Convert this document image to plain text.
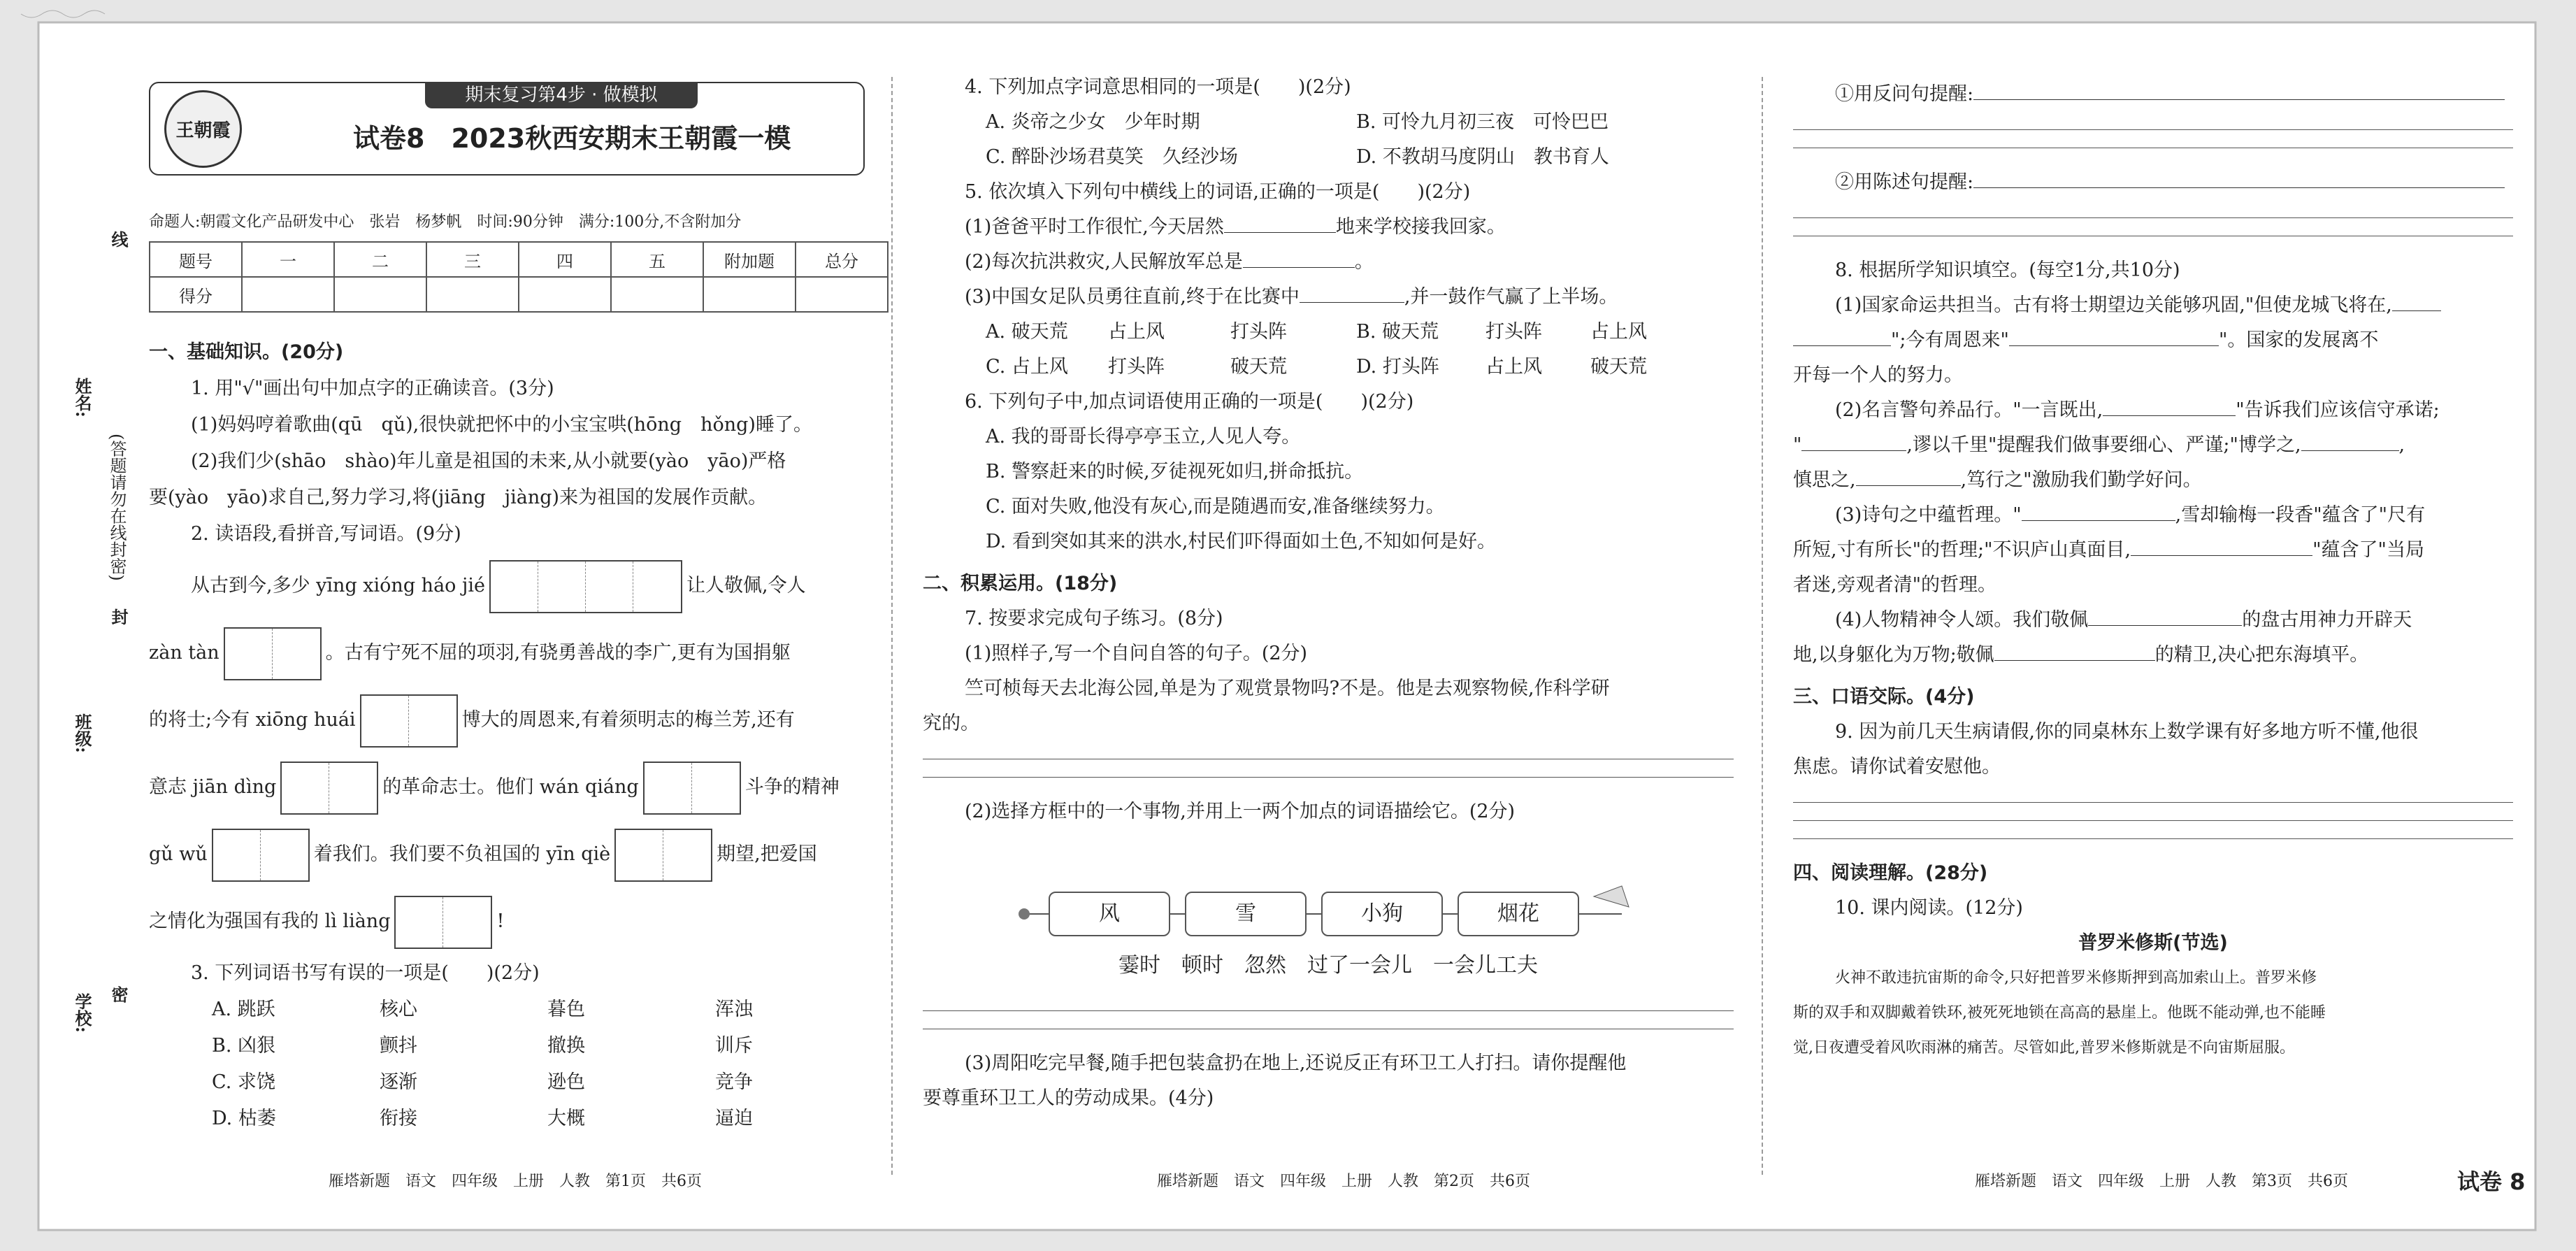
姓名:
班级:
学校:
(答题请勿在线封密)
线
封
密
期末复习第4步 · 做模拟
王朝霞	试卷8　2023秋西安期末王朝霞一模
命题人:朝霞文化产品研发中心　张岩　杨梦帆　时间:90分钟　满分:100分,不含附加分
题号	一	二	三	四	五	附加题	总分
得分							
一、基础知识。(20分)
1. 用"√"画出句中加点字的正确读音。(3分)
(1)妈妈哼着歌曲(qū　qǔ),很快就把怀中的小宝宝哄(hōng　hǒng)睡了。
(2)我们少(shāo　shào)年儿童是祖国的未来,从小就要(yào　yāo)严格
要(yào　yāo)求自己,努力学习,将(jiāng　jiàng)来为祖国的发展作贡献。
2. 读语段,看拼音,写词语。(9分)
从古到今,多少 yīng xióng háo jié	让人敬佩,令人
zàn tàn	。古有宁死不屈的项羽,有骁勇善战的李广,更有为国捐躯
的将士;今有 xiōng huái	博大的周恩来,有着须明志的梅兰芳,还有
意志 jiān dìng	的革命志士。他们 wán qiáng	斗争的精神
gǔ wǔ	着我们。我们要不负祖国的 yīn qiè	期望,把爱国
之情化为强国有我的 lì liàng	!
3. 下列词语书写有误的一项是(　　)(2分)
A. 跳跃	核心	暮色	浑浊
B. 凶狠	颤抖	撤换	训斥
C. 求饶	逐渐	逊色	竞争
D. 枯萎	衔接	大概	逼迫
雁塔新题　语文　四年级　上册　人教　第1页　共6页
4. 下列加点字词意思相同的一项是(　　)(2分)
A. 炎帝之少女　少年时期	B. 可怜九月初三夜　可怜巴巴
C. 醉卧沙场君莫笑　久经沙场	D. 不教胡马度阴山　教书育人
5. 依次填入下列句中横线上的词语,正确的一项是(　　)(2分)
(1)爸爸平时工作很忙,今天居然	地来学校接我回家。
(2)每次抗洪救灾,人民解放军总是	。
(3)中国女足队员勇往直前,终于在比赛中	,并一鼓作气赢了上半场。
A. 破天荒 占上风	打头阵	B. 破天荒 打头阵	占上风
C. 占上风 打头阵	破天荒	D. 打头阵 占上风	破天荒
6. 下列句子中,加点词语使用正确的一项是(　　)(2分)
A. 我的哥哥长得亭亭玉立,人见人夸。
B. 警察赶来的时候,歹徒视死如归,拼命抵抗。
C. 面对失败,他没有灰心,而是随遇而安,准备继续努力。
D. 看到突如其来的洪水,村民们吓得面如土色,不知如何是好。
二、积累运用。(18分)
7. 按要求完成句子练习。(8分)
(1)照样子,写一个自问自答的句子。(2分)
竺可桢每天去北海公园,单是为了观赏景物吗?不是。他是去观察物候,作科学研
究的。
(2)选择方框中的一个事物,并用上一两个加点的词语描绘它。(2分)
风	雪	小狗	烟花
霎时　顿时　忽然　过了一会儿　一会儿工夫
(3)周阳吃完早餐,随手把包装盒扔在地上,还说反正有环卫工人打扫。请你提醒他
要尊重环卫工人的劳动成果。(4分)
雁塔新题　语文　四年级　上册　人教　第2页　共6页
①用反问句提醒:
②用陈述句提醒:
8. 根据所学知识填空。(每空1分,共10分)
(1)国家命运共担当。古有将士期望边关能够巩固,"但使龙城飞将在,
";今有周恩来"	"。国家的发展离不
开每一个人的努力。
(2)名言警句养品行。"一言既出,	"告诉我们应该信守承诺;
"	,谬以千里"提醒我们做事要细心、严谨;"博学之,	,
慎思之,	,笃行之"激励我们勤学好问。
(3)诗句之中蕴哲理。"	,雪却输梅一段香"蕴含了"尺有
所短,寸有所长"的哲理;"不识庐山真面目,	"蕴含了"当局
者迷,旁观者清"的哲理。
(4)人物精神令人颂。我们敬佩	的盘古用神力开辟天
地,以身躯化为万物;敬佩	的精卫,决心把东海填平。
三、口语交际。(4分)
9. 因为前几天生病请假,你的同桌林东上数学课有好多地方听不懂,他很
焦虑。请你试着安慰他。
四、阅读理解。(28分)
10. 课内阅读。(12分)
普罗米修斯(节选)
火神不敢违抗宙斯的命令,只好把普罗米修斯押到高加索山上。普罗米修
斯的双手和双脚戴着铁环,被死死地锁在高高的悬崖上。他既不能动弹,也不能睡
觉,日夜遭受着风吹雨淋的痛苦。尽管如此,普罗米修斯就是不向宙斯屈服。
雁塔新题　语文　四年级　上册　人教　第3页　共6页	试卷 8
